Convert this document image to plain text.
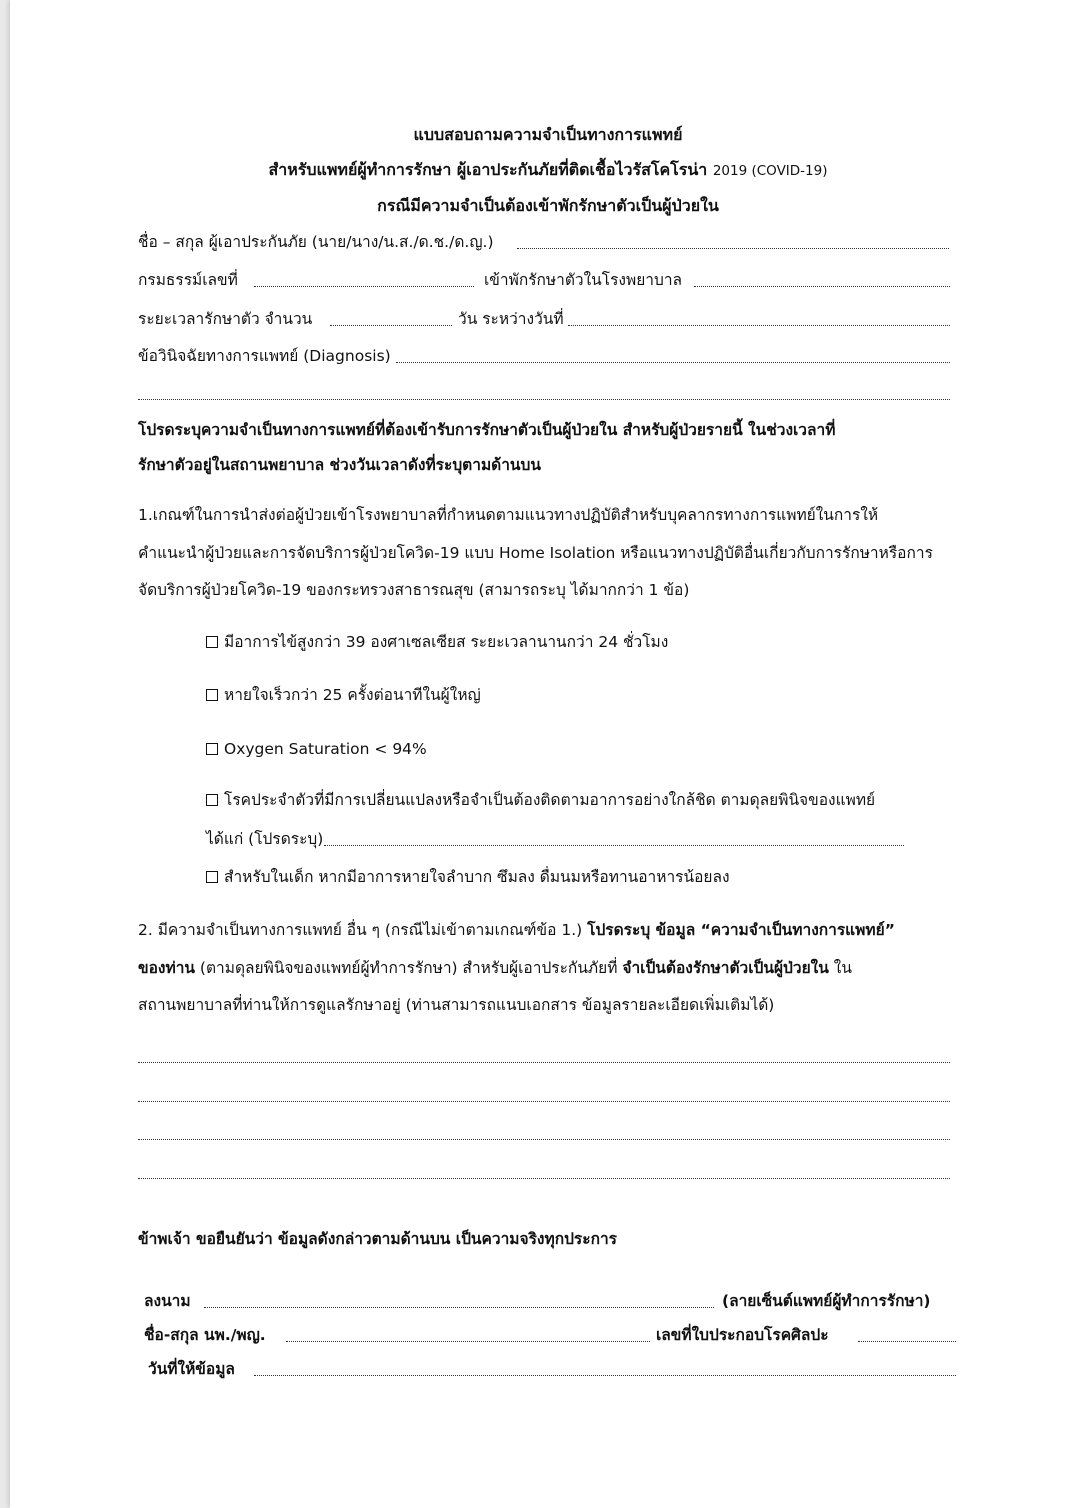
แบบสอบถามความจำเป็นทางการแพทย์
สำหรับแพทย์ผู้ทำการรักษา ผู้เอาประกันภัยที่ติดเชื้อไวรัสโคโรน่า 2019 (COVID-19)
กรณีมีความจำเป็นต้องเข้าพักรักษาตัวเป็นผู้ป่วยใน
ชื่อ – สกุล ผู้เอาประกันภัย (นาย/นาง/น.ส./ด.ช./ด.ญ.)
กรมธรรม์เลขที่	เข้าพักรักษาตัวในโรงพยาบาล
ระยะเวลารักษาตัว จำนวน	วัน ระหว่างวันที่
ข้อวินิจฉัยทางการแพทย์ (Diagnosis)
โปรดระบุความจำเป็นทางการแพทย์ที่ต้องเข้ารับการรักษาตัวเป็นผู้ป่วยใน สำหรับผู้ป่วยรายนี้ ในช่วงเวลาที่
รักษาตัวอยู่ในสถานพยาบาล ช่วงวันเวลาดังที่ระบุตามด้านบน
1.เกณฑ์ในการนำส่งต่อผู้ป่วยเข้าโรงพยาบาลที่กำหนดตามแนวทางปฏิบัติสำหรับบุคลากรทางการแพทย์ในการให้
คำแนะนำผู้ป่วยและการจัดบริการผู้ป่วยโควิด-19 แบบ Home Isolation หรือแนวทางปฏิบัติอื่นเกี่ยวกับการรักษาหรือการ
จัดบริการผู้ป่วยโควิด-19 ของกระทรวงสาธารณสุข (สามารถระบุ ได้มากกว่า 1 ข้อ)
มีอาการไข้สูงกว่า 39 องศาเซลเซียส ระยะเวลานานกว่า 24 ชั่วโมง
หายใจเร็วกว่า 25 ครั้งต่อนาทีในผู้ใหญ่
Oxygen Saturation < 94%
โรคประจำตัวที่มีการเปลี่ยนแปลงหรือจำเป็นต้องติดตามอาการอย่างใกล้ชิด ตามดุลยพินิจของแพทย์
ได้แก่ (โปรดระบุ)
สำหรับในเด็ก หากมีอาการหายใจลำบาก ซึมลง ดื่มนมหรือทานอาหารน้อยลง
2. มีความจำเป็นทางการแพทย์ อื่น ๆ (กรณีไม่เข้าตามเกณฑ์ข้อ 1.) โปรดระบุ ข้อมูล “ความจำเป็นทางการแพทย์”
ของท่าน (ตามดุลยพินิจของแพทย์ผู้ทำการรักษา) สำหรับผู้เอาประกันภัยที่ จำเป็นต้องรักษาตัวเป็นผู้ป่วยใน ใน
สถานพยาบาลที่ท่านให้การดูแลรักษาอยู่ (ท่านสามารถแนบเอกสาร ข้อมูลรายละเอียดเพิ่มเติมได้)
ข้าพเจ้า ขอยืนยันว่า ข้อมูลดังกล่าวตามด้านบน เป็นความจริงทุกประการ
ลงนาม	(ลายเซ็นต์แพทย์ผู้ทำการรักษา)
ชื่อ-สกุล นพ./พญ.	เลขที่ใบประกอบโรคศิลปะ
วันที่ให้ข้อมูล
